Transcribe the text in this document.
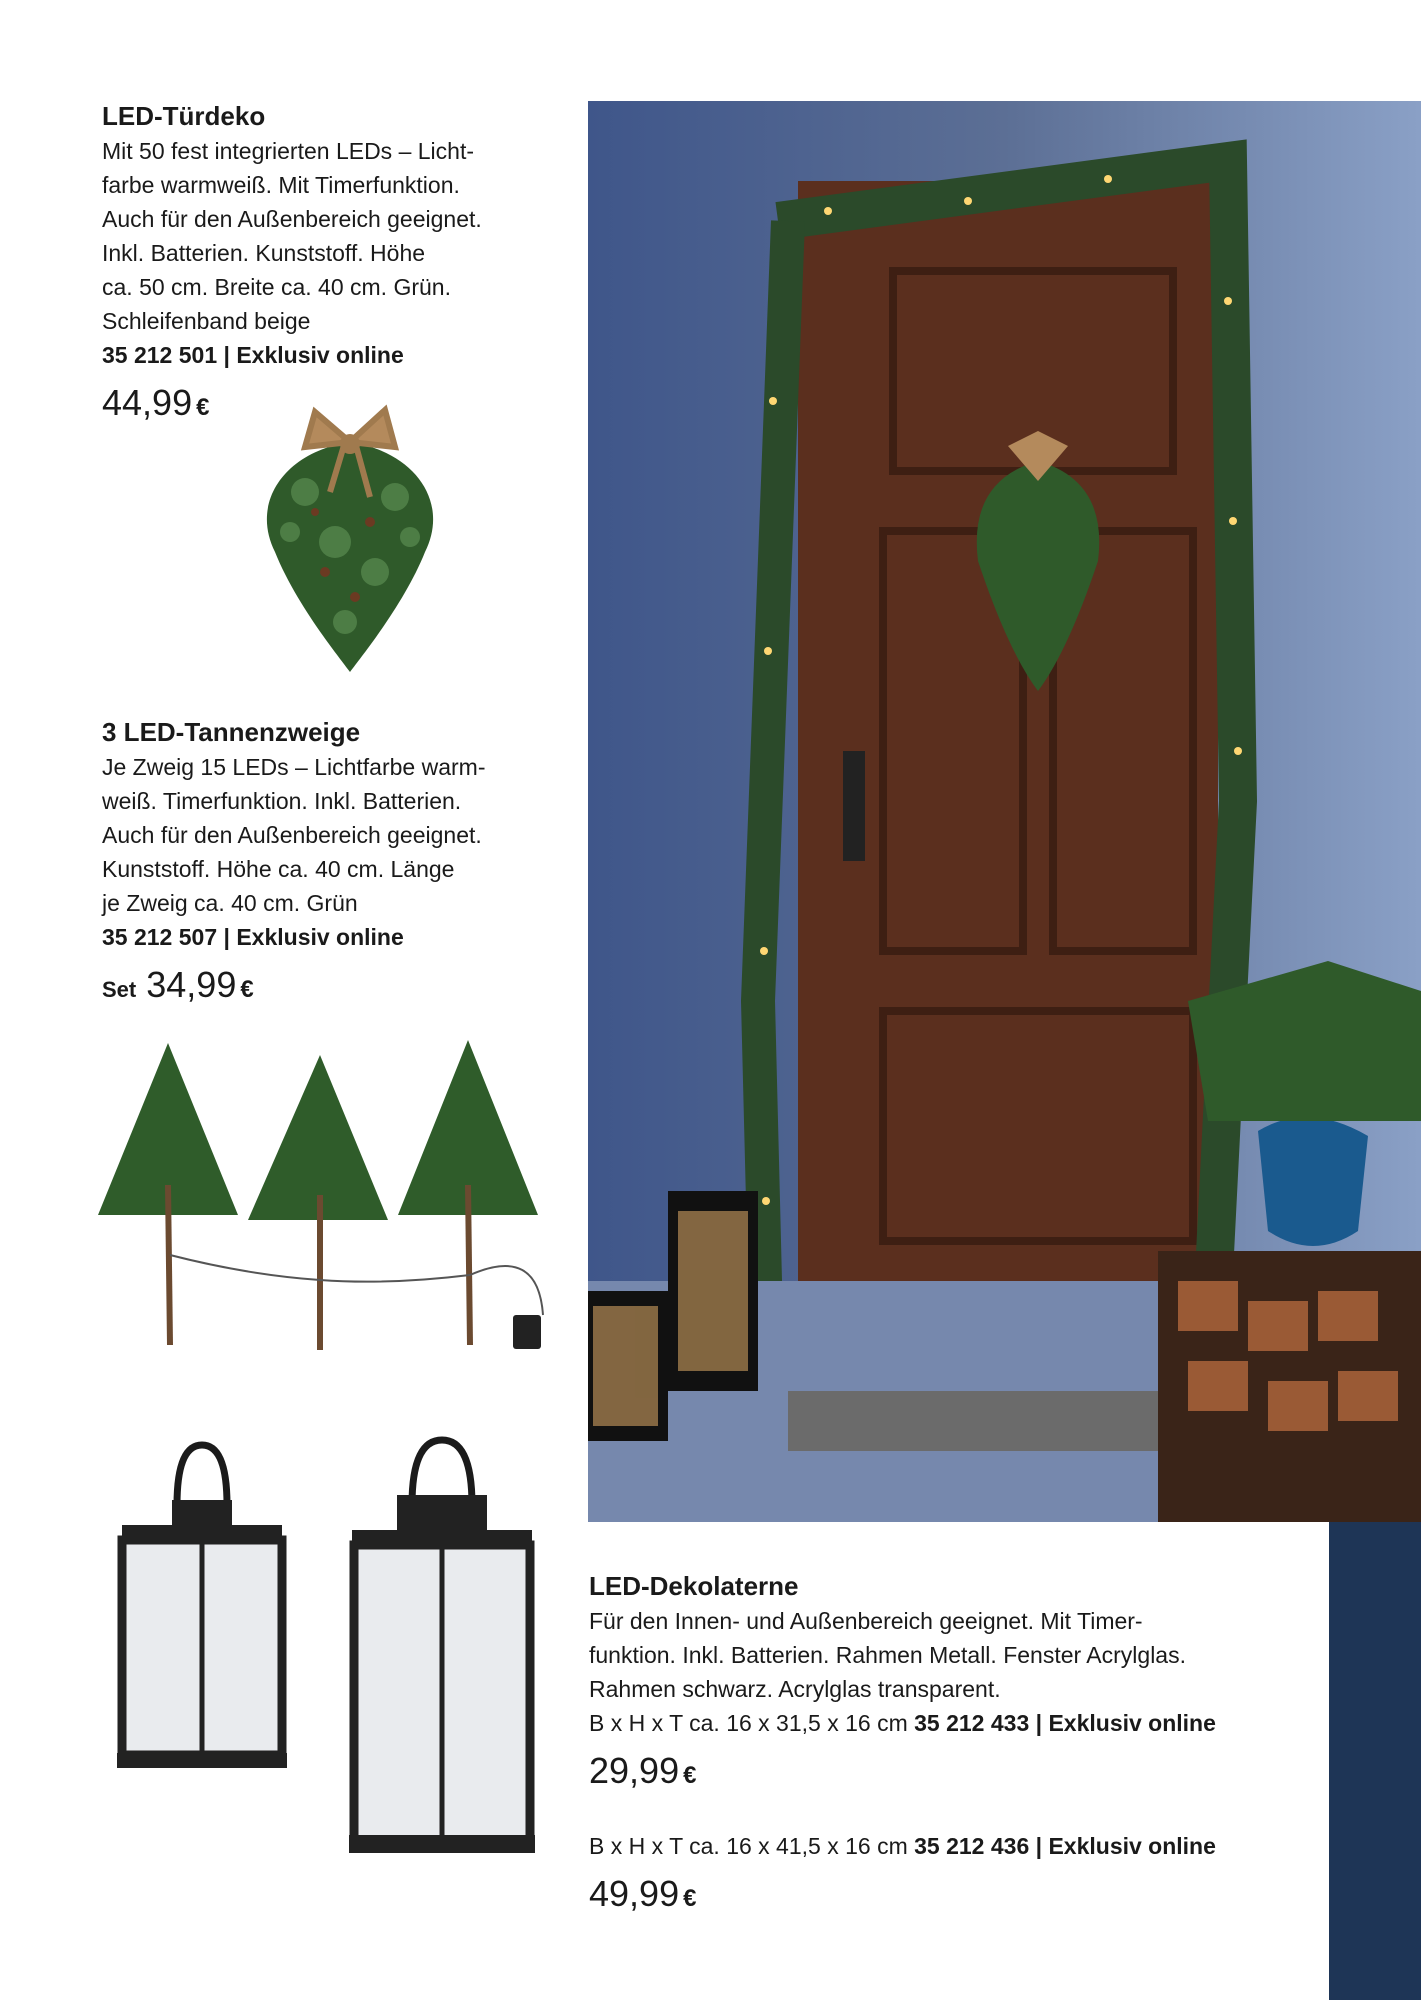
LED-Türdeko
Mit 50 fest integrierten LEDs – Licht-
farbe warmweiß. Mit Timerfunktion.
Auch für den Außenbereich geeignet.
Inkl. Batterien. Kunststoff. Höhe
ca. 50 cm. Breite ca. 40 cm. Grün.
Schleifenband beige
35 212 501 | Exklusiv online
44,99 €
3 LED-Tannenzweige
Je Zweig 15 LEDs – Lichtfarbe warm-
weiß. Timerfunktion. Inkl. Batterien.
Auch für den Außenbereich geeignet.
Kunststoff. Höhe ca. 40 cm. Länge
je Zweig ca. 40 cm. Grün
35 212 507 | Exklusiv online
Set 34,99 €
LED-Dekolaterne
Für den Innen- und Außenbereich geeignet. Mit Timer-
funktion. Inkl. Batterien. Rahmen Metall. Fenster Acrylglas.
Rahmen schwarz. Acrylglas transparent.
B x H x T ca. 16 x 31,5 x 16 cm 35 212 433 | Exklusiv online
29,99 €
B x H x T ca. 16 x 41,5 x 16 cm 35 212 436 | Exklusiv online
49,99 €
